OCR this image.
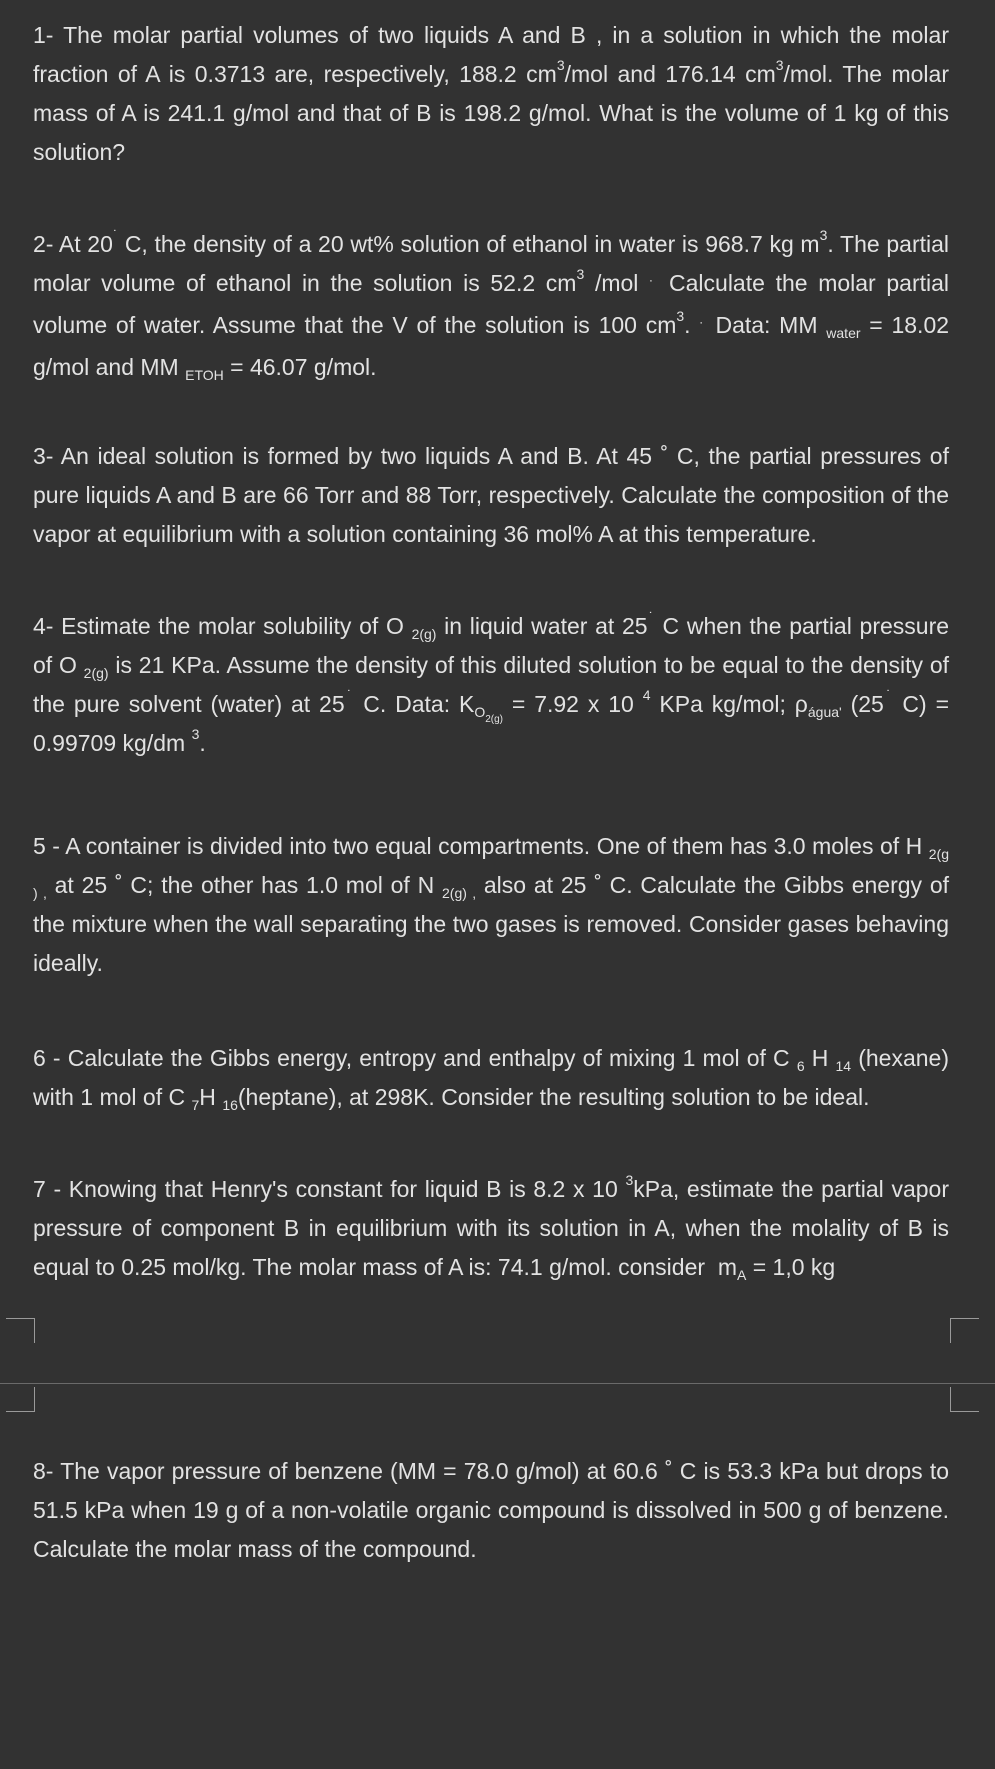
1- The molar partial volumes of two liquids A and B , in a solution in which the molar fraction of A is 0.3713 are, respectively, 188.2 $cm^3$/mol and 176.14 $cm^3$/mol. The molar mass of A is 241.1 g/mol and that of B is 198.2 g/mol. What is the volume of 1 kg of this solution?

2- At 20˙ C, the density of a 20 wt% solution of ethanol in water is 968.7 kg $m^3$. The partial molar volume of ethanol in the solution is 52.2 $cm^3$ /mol ˙ Calculate the molar partial volume of water. Assume that the V of the solution is 100 $cm^3$. ˙ Data: MM $_{water}$ = 18.02 g/mol and MM $_{ETOH}$ = 46.07 g/mol.

3- An ideal solution is formed by two liquids A and B. At 45 ˚ C, the partial pressures of pure liquids A and B are 66 Torr and 88 Torr, respectively. Calculate the composition of the vapor at equilibrium with a solution containing 36 mol% A at this temperature.

4- Estimate the molar solubility of O $_{2(g)}$ in liquid water at 25˙ C when the partial pressure of O $_{2(g)}$ is 21 KPa. Assume the density of this diluted solution to be equal to the density of the pure solvent (water) at 25˙ C. Data: $K_{O2(g)} = 7.92$ x 10 $^4$ KPa kg/mol; $\rho_{água'}$ (25˙ C) = 0.99709 kg/dm $^3$.

5 - A container is divided into two equal compartments. One of them has 3.0 moles of H $_{2(g ) ,}$ at 25 ˚ C; the other has 1.0 mol of N $_{2(g) ,}$ also at 25 ˚ C. Calculate the Gibbs energy of the mixture when the wall separating the two gases is removed. Consider gases behaving ideally.

6 - Calculate the Gibbs energy, entropy and enthalpy of mixing 1 mol of C $_6$ H $_{14}$ (hexane) with 1 mol of C $_7$H $_{16}$(heptane), at 298K. Consider the resulting solution to be ideal.

7 - Knowing that Henry's constant for liquid B is 8.2 x 10 $^3$kPa, estimate the partial vapor pressure of component B in equilibrium with its solution in A, when the molality of B is equal to 0.25 mol/kg. The molar mass of A is: 74.1 g/mol. consider $m_A = 1,0$ kg

8- The vapor pressure of benzene (MM = 78.0 g/mol) at 60.6 ˚ C is 53.3 kPa but drops to 51.5 kPa when 19 g of a non-volatile organic compound is dissolved in 500 g of benzene. Calculate the molar mass of the compound.
